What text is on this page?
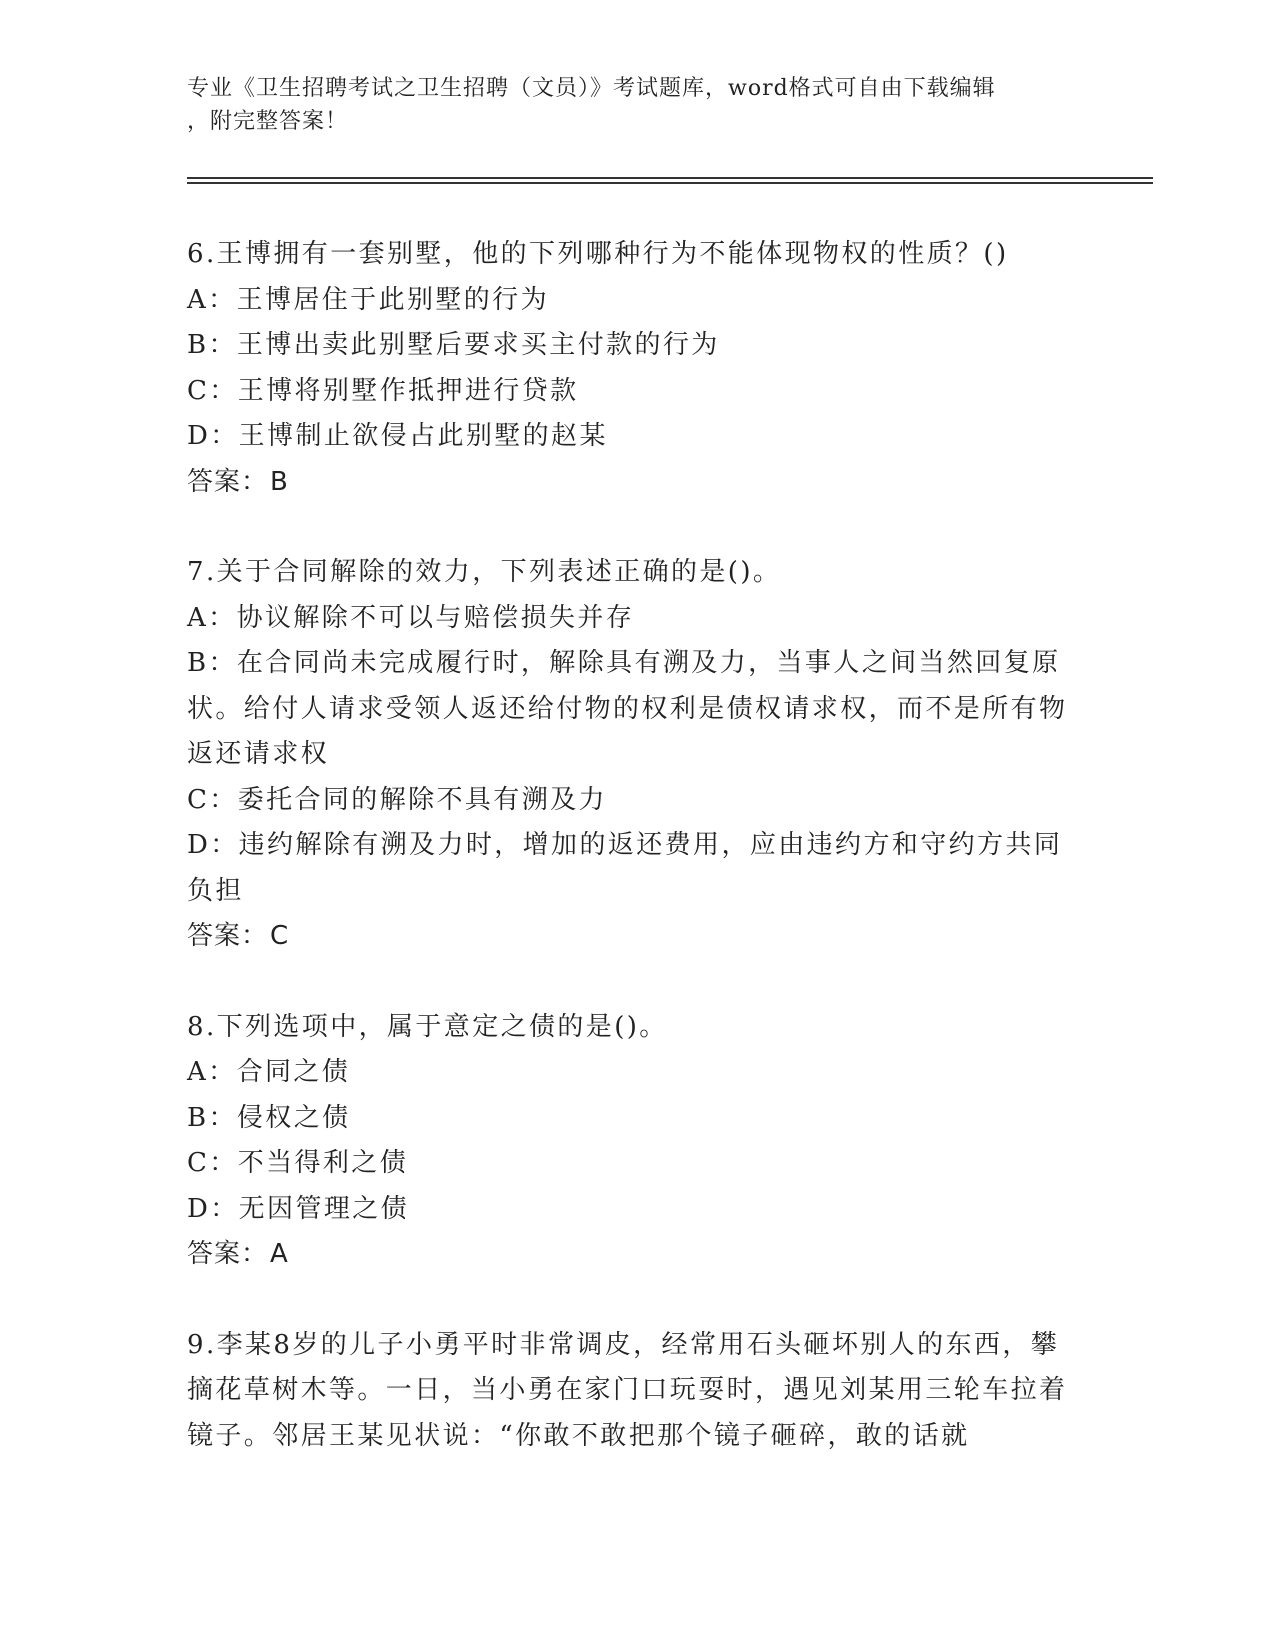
专业《卫生招聘考试之卫生招聘（文员）》考试题库，word格式可自由下载编辑
，附完整答案！

6.王博拥有一套别墅，他的下列哪种行为不能体现物权的性质？()

A：王博居住于此别墅的行为

B：王博出卖此别墅后要求买主付款的行为

C：王博将别墅作抵押进行贷款

D：王博制止欲侵占此别墅的赵某

答案：B

7.关于合同解除的效力，下列表述正确的是()。

A：协议解除不可以与赔偿损失并存

B：在合同尚未完成履行时，解除具有溯及力，当事人之间当然回复原状。给付人请求受领人返还给付物的权利是债权请求权，而不是所有物返还请求权

C：委托合同的解除不具有溯及力

D：违约解除有溯及力时，增加的返还费用，应由违约方和守约方共同负担

答案：C

8.下列选项中，属于意定之债的是()。

A：合同之债

B：侵权之债

C：不当得利之债

D：无因管理之债

答案：A

9.李某8岁的儿子小勇平时非常调皮，经常用石头砸坏别人的东西，攀摘花草树木等。一日，当小勇在家门口玩耍时，遇见刘某用三轮车拉着镜子。邻居王某见状说：“你敢不敢把那个镜子砸碎，敢的话就
